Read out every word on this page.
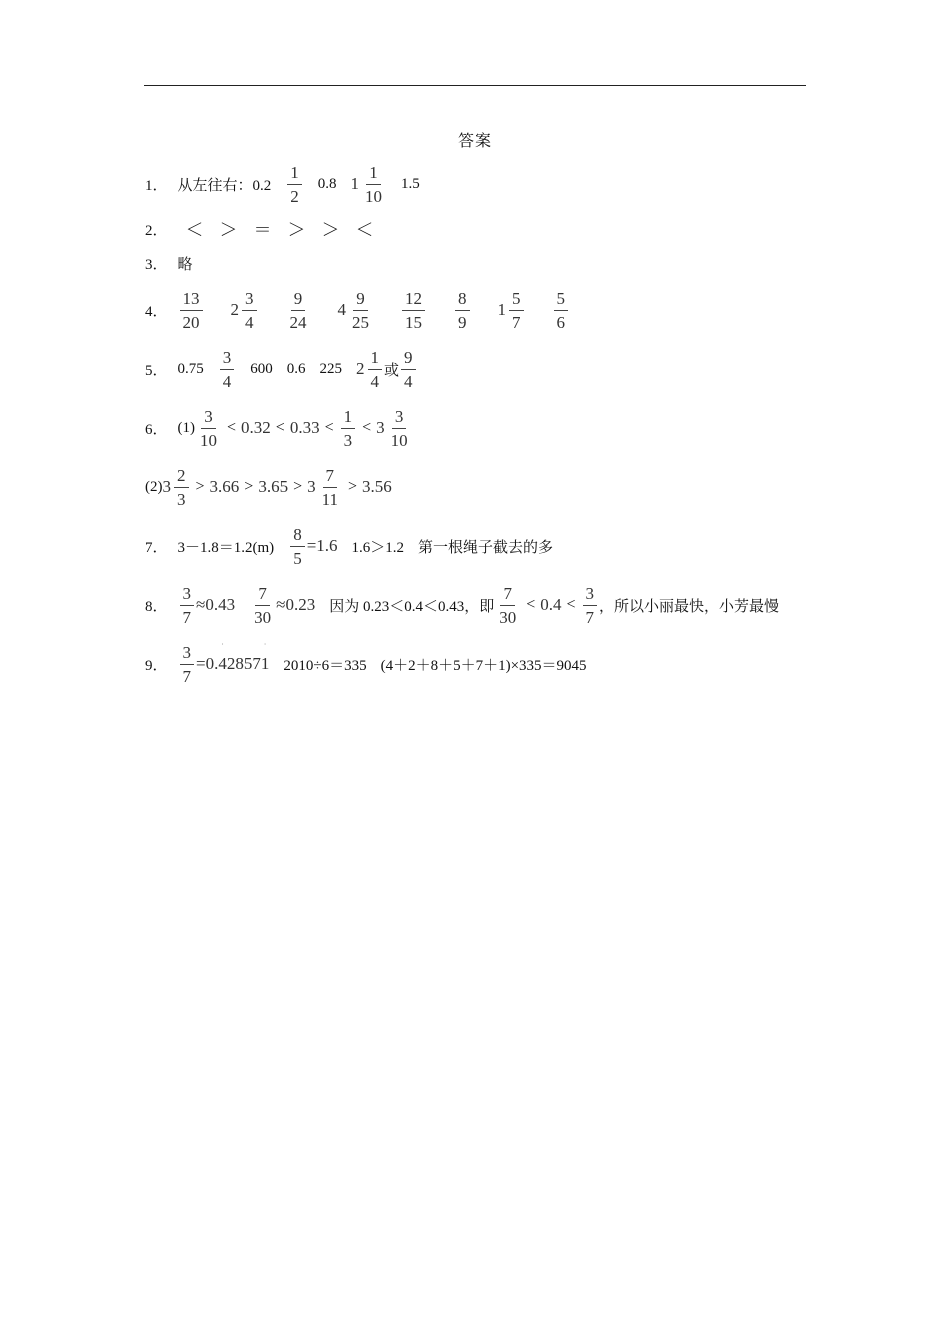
答案
1． 从左往右：$0.2 \frac{1}{2} 0.8$ $1 \frac{1}{10} 1.5$
2． ＜ ＞ ＝ ＞ ＞ ＜
3． 略
4． $\frac{13}{20} 2 \frac{3}{4} \frac{9}{24} 4 \frac{9}{25} \frac{12}{15} \frac{8}{9} 1 \frac{5}{7} \frac{5}{6}$
5． $0.75 \frac{3}{4} 600$ 0.6 225 $2 \frac{1}{4}$ 或 $\frac{9}{4}$
6． $(1) \frac{3}{10} < 0.32 < 0.33 < \frac{1}{3} < 3 \frac{3}{10}$
(2) $3 \frac{2}{3} > 3.66 > 3.65 > 3 \frac{7}{11} > 3.56$
7． $3-1.8=1.2(m) \frac{8}{5} =1.6$ 1.6＞1.2 第一根绳子截去的多
8． $\frac{3}{7} \approx 0.43 \frac{7}{30} \approx 0.23$ 因为 0.23＜0.4＜0.43，即 $\frac{7}{30} < 0.4 < \frac{3}{7}$ ，所以小丽最快，小芳最慢
9． $\frac{3}{7} =0$.
·
4 2 8 5 7
·
1 2010÷6＝335 (4＋2＋8＋5＋7＋1)×335＝9045
